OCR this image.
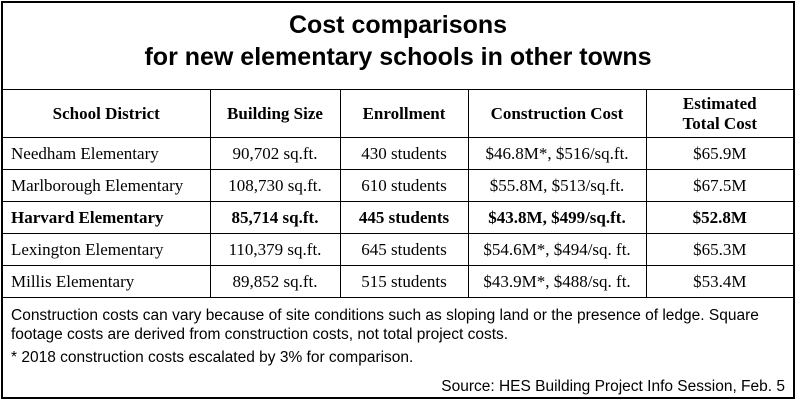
Cost comparisons
for new elementary schools in other towns
School District	Building Size	Enrollment	Construction Cost	Estimated
Total Cost
Needham Elementary	90,702 sq.ft.	430 students	$46.8M*, $516/sq.ft.	$65.9M
Marlborough Elementary	108,730 sq.ft.	610 students	$55.8M, $513/sq.ft.	$67.5M
Harvard Elementary	85,714 sq.ft.	445 students	$43.8M, $499/sq.ft.	$52.8M
Lexington Elementary	110,379 sq.ft.	645 students	$54.6M*, $494/sq. ft.	$65.3M
Millis Elementary	89,852 sq.ft.	515 students	$43.9M*, $488/sq. ft.	$53.4M

Construction costs can vary because of site conditions such as sloping land or the presence of ledge. Square footage costs are derived from construction costs, not total project costs.

* 2018 construction costs escalated by 3% for comparison.

Source: HES Building Project Info Session, Feb. 5
